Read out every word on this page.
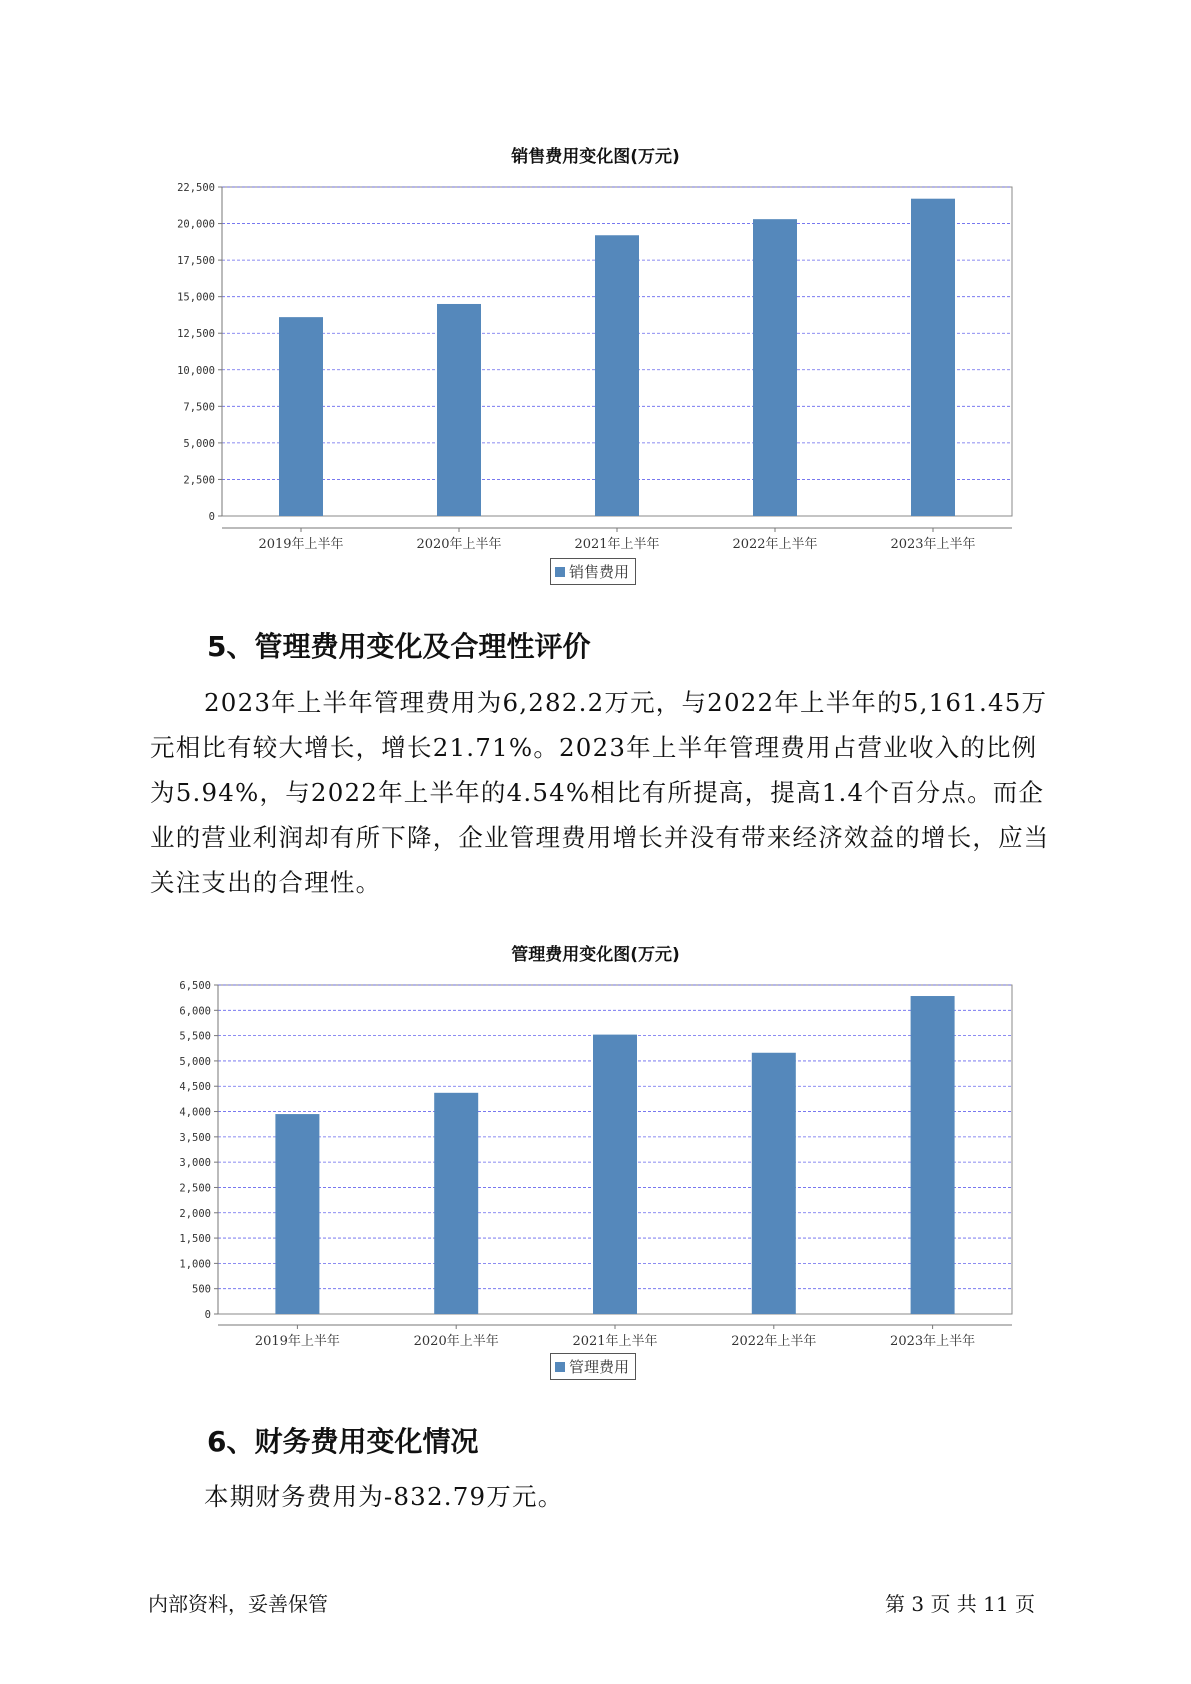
销售费用变化图(万元)
0
2,500
5,000
7,500
10,000
12,500
15,000
17,500
20,000
22,500
2019年上半年	2020年上半年	2021年上半年	2022年上半年	2023年上半年
销售费用
5、管理费用变化及合理性评价

2023年上半年管理费用为6,282.2万元，与2022年上半年的5,161.45万元相比有较大增长，增长21.71%。2023年上半年管理费用占营业收入的比例为5.94%，与2022年上半年的4.54%相比有所提高，提高1.4个百分点。而企业的营业利润却有所下降，企业管理费用增长并没有带来经济效益的增长，应当关注支出的合理性。

管理费用变化图(万元)
0
500
1,000
1,500
2,000
2,500
3,000
3,500
4,000
4,500
5,000
5,500
6,000
6,500
2019年上半年	2020年上半年	2021年上半年	2022年上半年	2023年上半年
管理费用
6、财务费用变化情况

本期财务费用为-832.79万元。

内部资料，妥善保管	第 3 页 共 11 页
